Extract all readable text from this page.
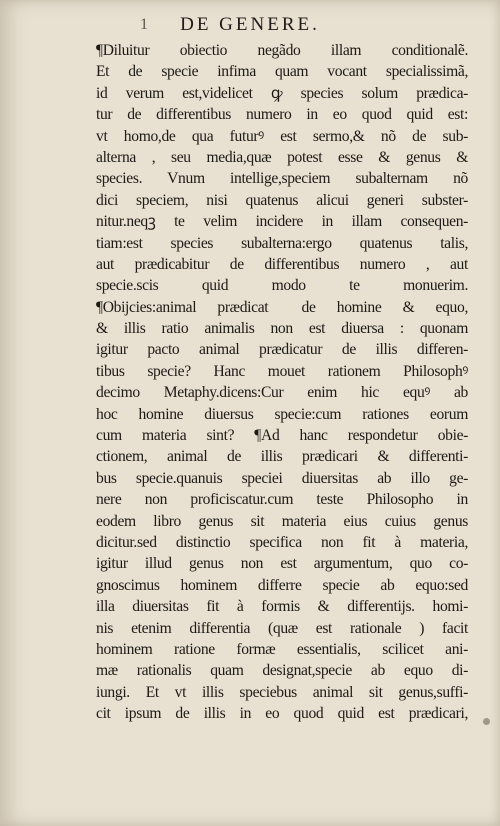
1	DE GENERE.
¶Diluitur obiectio negãdo illam conditionalẽ.
Et de specie infima quam vocant specialissimã,
id verum est,videlicet ꝙ species solum prædica-
tur de differentibus numero in eo quod quid est:
vt homo,de qua futurꝰ est sermo,& nõ de sub-
alterna , seu media,quæ potest esse & genus &
species. Vnum intellige,speciem subalternam nõ
dici speciem, nisi quatenus alicui generi subster-
nitur.neqꝫ te velim incidere in illam consequen-
tiam:est species subalterna:ergo quatenus talis,
aut prædicabitur de differentibus numero , aut
specie.scis quid modo te monuerim.
¶Obijcies:animal prædicatᷣ de homine & equo,
& illis ratio animalis non est diuersa : quonam
igitur pacto animal prædicatur de illis differen-
tibus specie? Hanc mouet rationem Philosophꝰ
decimo Metaphy.dicens:Cur enim hic equꝰ ab
hoc homine diuersus specie:cum rationes eorum
cum materia sint? ¶Ad hanc respondetur obie-
ctionem, animal de illis prædicari & differenti-
bus specie.quanuis speciei diuersitas ab illo ge-
nere non proficiscatur.cum teste Philosopho in
eodem libro genus sit materia eius cuius genus
dicitur.sed distinctio specifica non fit à materia,
igitur illud genus non est argumentum, quo co-
gnoscimus hominem differre specie ab equo:sed
illa diuersitas fit à formis & differentijs. homi-
nis etenim differentia (quæ est rationale ) facit
hominem ratione formæ essentialis, scilicet ani-
mæ rationalis quam designat,specie ab equo di-
iungi. Et vt illis speciebus animal sit genus,suffi-
cit ipsum de illis in eo quod quid est prædicari,
